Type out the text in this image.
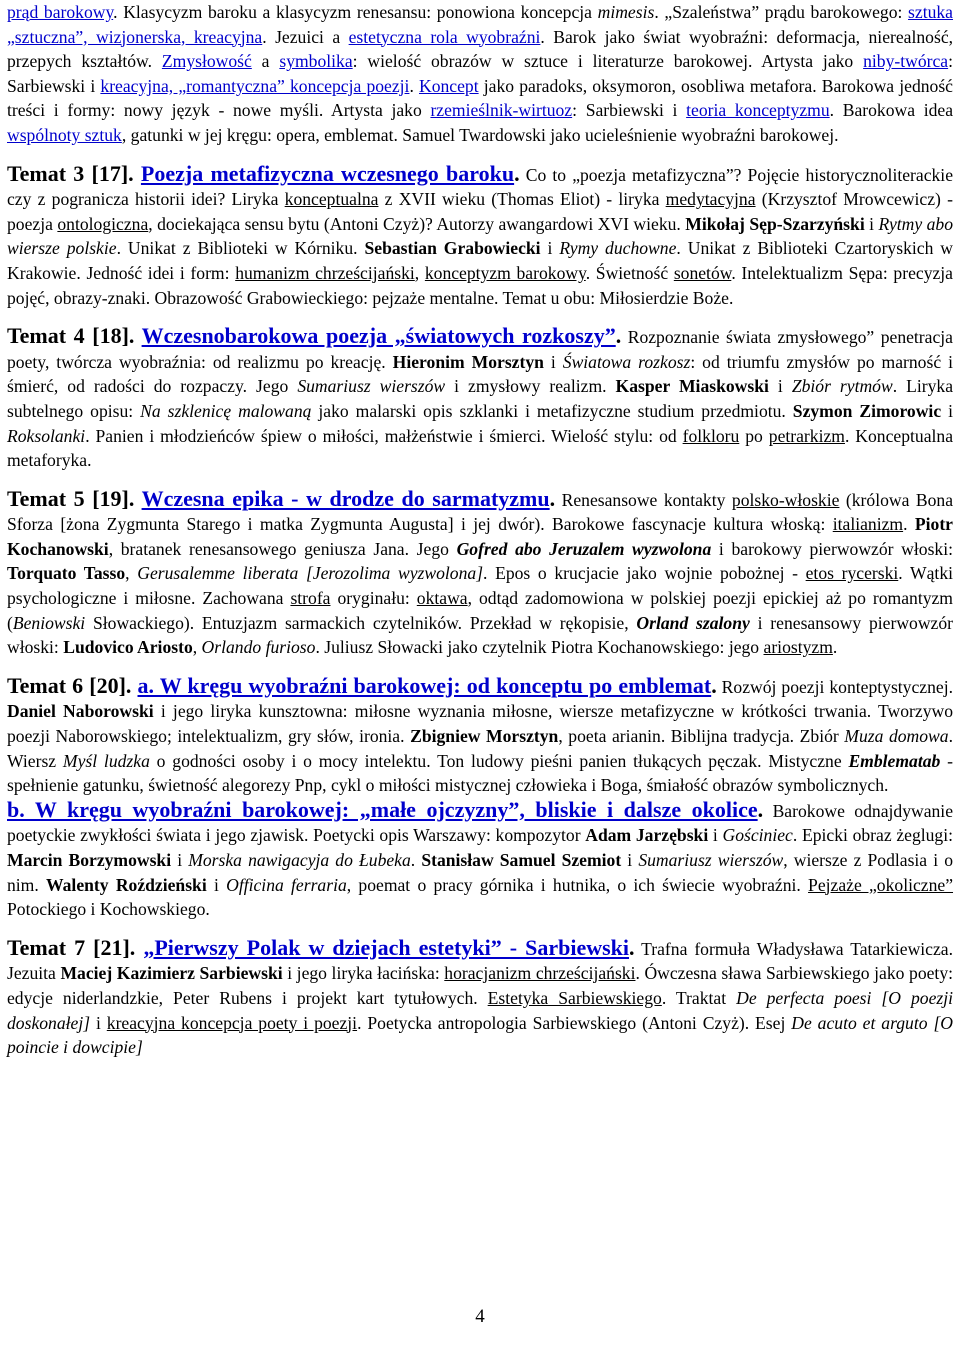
prąd barokowy. Klasycyzm baroku a klasycyzm renesansu: ponowiona koncepcja mimesis. „Szaleństwa” prądu barokowego: sztuka „sztuczna”, wizjonerska, kreacyjna. Jezuici a estetyczna rola wyobraźni. Barok jako świat wyobraźni: deformacja, nierealność, przepych kształtów. Zmysłowość a symbolika: wielość obrazów w sztuce i literaturze barokowej. Artysta jako niby-twórca: Sarbiewski i kreacyjna, „romantyczna” koncepcja poezji. Koncept jako paradoks, oksymoron, osobliwa metafora. Barokowa jedność treści i formy: nowy język - nowe myśli. Artysta jako rzemieślnik-wirtuoz: Sarbiewski i teoria konceptyzmu. Barokowa idea wspólnoty sztuk, gatunki w jej kręgu: opera, emblemat. Samuel Twardowski jako ucieleśnienie wyobraźni barokowej.

Temat 3 [17]. Poezja metafizyczna wczesnego baroku. Co to „poezja metafizyczna”? Pojęcie historycznoliterackie czy z pogranicza historii idei? Liryka konceptualna z XVII wieku (Thomas Eliot) - liryka medytacyjna (Krzysztof Mrowcewicz) - poezja ontologiczna, dociekająca sensu bytu (Antoni Czyż)? Autorzy awangardowi XVI wieku. Mikołaj Sęp-Szarzyński i Rytmy abo wiersze polskie. Unikat z Biblioteki w Kórniku. Sebastian Grabowiecki i Rymy duchowne. Unikat z Biblioteki Czartoryskich w Krakowie. Jedność idei i form: humanizm chrześcijański, konceptyzm barokowy. Świetność sonetów. Intelektualizm Sępa: precyzja pojęć, obrazy-znaki. Obrazowość Grabowieckiego: pejzaże mentalne. Temat u obu: Miłosierdzie Boże.

Temat 4 [18]. Wczesnobarokowa poezja „światowych rozkoszy”. Rozpoznanie świata zmysłowego” penetracja poety, twórcza wyobraźnia: od realizmu po kreację. Hieronim Morsztyn i Światowa rozkosz: od triumfu zmysłów po marność i śmierć, od radości do rozpaczy. Jego Sumariusz wierszów i zmysłowy realizm. Kasper Miaskowski i Zbiór rytmów. Liryka subtelnego opisu: Na szklenicę malowaną jako malarski opis szklanki i metafizyczne studium przedmiotu. Szymon Zimorowic i Roksolanki. Panien i młodzieńców śpiew o miłości, małżeństwie i śmierci. Wielość stylu: od folkloru po petrarkizm. Konceptualna metaforyka.

Temat 5 [19]. Wczesna epika - w drodze do sarmatyzmu. Renesansowe kontakty polsko-włoskie (królowa Bona Sforza [żona Zygmunta Starego i matka Zygmunta Augusta] i jej dwór). Barokowe fascynacje kultura włoską: italianizm. Piotr Kochanowski, bratanek renesansowego geniusza Jana. Jego Gofred abo Jeruzalem wyzwolona i barokowy pierwowzór włoski: Torquato Tasso, Gerusalemme liberata [Jerozolima wyzwolona]. Epos o krucjacie jako wojnie pobożnej - etos rycerski. Wątki psychologiczne i miłosne. Zachowana strofa oryginału: oktawa, odtąd zadomowiona w polskiej poezji epickiej aż po romantyzm (Beniowski Słowackiego). Entuzjazm sarmackich czytelników. Przekład w rękopisie, Orland szalony i renesansowy pierwowzór włoski: Ludovico Ariosto, Orlando furioso. Juliusz Słowacki jako czytelnik Piotra Kochanowskiego: jego ariostyzm.

Temat 6 [20]. a. W kręgu wyobraźni barokowej: od konceptu po emblemat. Rozwój poezji konteptystycznej. Daniel Naborowski i jego liryka kunsztowna: miłosne wyznania miłosne, wiersze metafizyczne w krótkości trwania. Tworzywo poezji Naborowskiego; intelektualizm, gry słów, ironia. Zbigniew Morsztyn, poeta arianin. Biblijna tradycja. Zbiór Muza domowa. Wiersz Myśl ludzka o godności osoby i o mocy intelektu. Ton ludowy pieśni panien tłukących pęczak. Mistyczne Emblematab - spełnienie gatunku, świetność alegorezy Pnp, cykl o miłości mistycznej człowieka i Boga, śmiałość obrazów symbolicznych.

b. W kręgu wyobraźni barokowej: „małe ojczyzny”, bliskie i dalsze okolice. Barokowe odnajdywanie poetyckie zwykłości świata i jego zjawisk. Poetycki opis Warszawy: kompozytor Adam Jarzębski i Gościniec. Epicki obraz żeglugi: Marcin Borzymowski i Morska nawigacyja do Łubeka. Stanisław Samuel Szemiot i Sumariusz wierszów, wiersze z Podlasia i o nim. Walenty Roździeński i Officina ferraria, poemat o pracy górnika i hutnika, o ich świecie wyobraźni. Pejzaże „okoliczne” Potockiego i Kochowskiego.

Temat 7 [21]. „Pierwszy Polak w dziejach estetyki” - Sarbiewski. Trafna formuła Władysława Tatarkiewicza. Jezuita Maciej Kazimierz Sarbiewski i jego liryka łacińska: horacjanizm chrześcijański. Ówczesna sława Sarbiewskiego jako poety: edycje niderlandzkie, Peter Rubens i projekt kart tytułowych. Estetyka Sarbiewskiego. Traktat De perfecta poesi [O poezji doskonałej] i kreacyjna koncepcja poety i poezji. Poetycka antropologia Sarbiewskiego (Antoni Czyż). Esej De acuto et arguto [O poincie i dowcipie]

4
